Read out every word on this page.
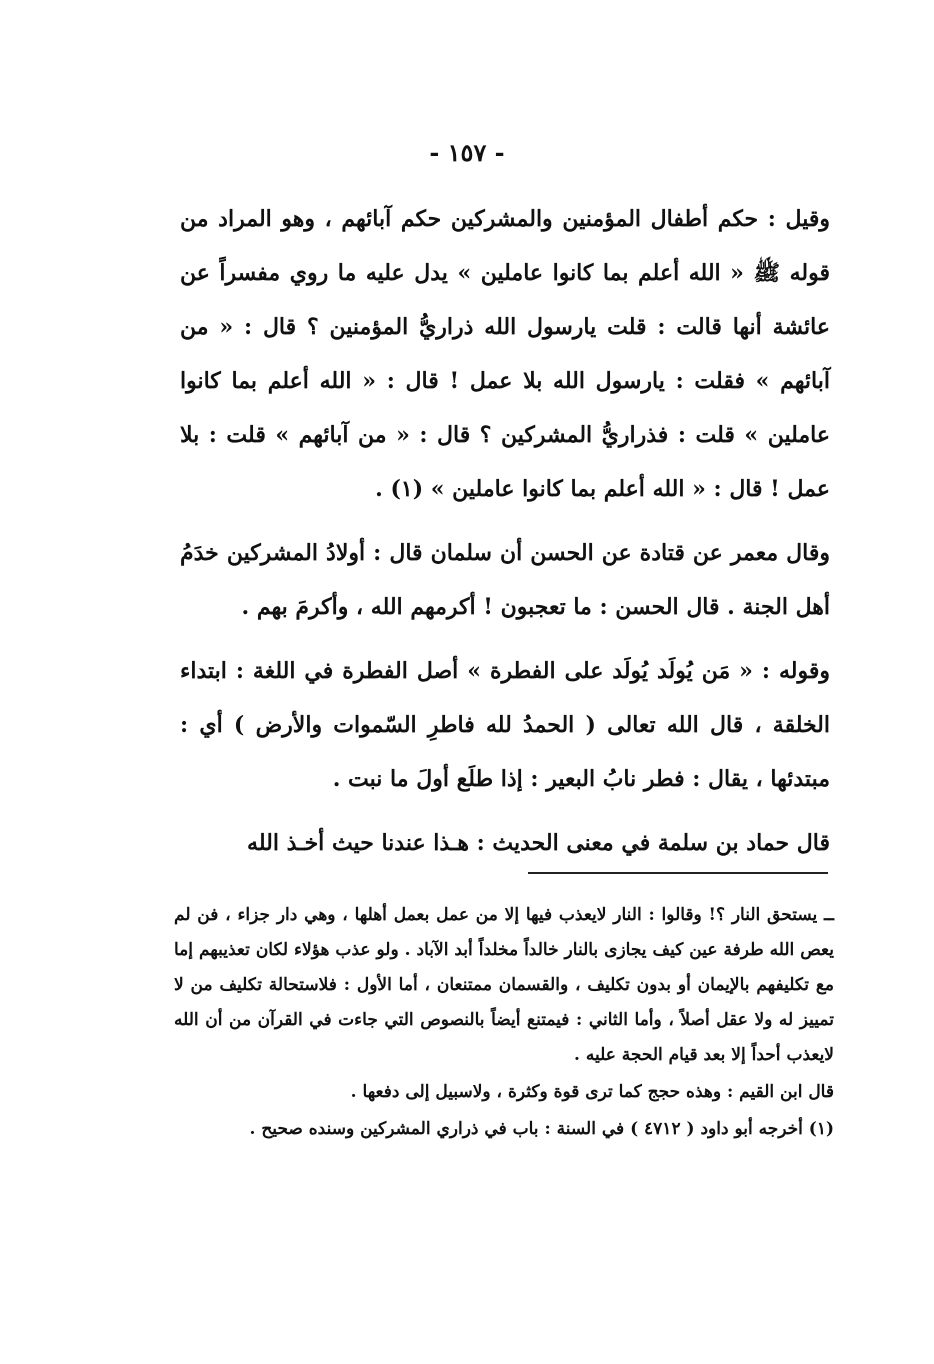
- ١٥٧ -

وقيل : حكم أطفال المؤمنين والمشركين حكم آبائهم ، وهو المراد من قوله ﷺ « الله أعلم بما كانوا عاملين » يدل عليه ما روي مفسراً عن عائشة أنها قالت : قلت يارسول الله ذراريُّ المؤمنين ؟ قال : « من آبائهم » فقلت : يارسول الله بلا عمل ! قال : « الله أعلم بما كانوا عاملين » قلت : فذراريُّ المشركين ؟ قال : « من آبائهم » قلت : بلا عمل ! قال : « الله أعلم بما كانوا عاملين » (١) .

وقال معمر عن قتادة عن الحسن أن سلمان قال : أولادُ المشركين خدَمُ أهل الجنة . قال الحسن : ما تعجبون ! أكرمهم الله ، وأكرمَ بهم .

وقوله : « مَن يُولَد يُولَد على الفطرة » أصل الفطرة في اللغة : ابتداء الخلقة ، قال الله تعالى ( الحمدُ لله فاطرِ السّموات والأرض ) أي : مبتدئها ، يقال : فطر نابُ البعير : إذا طلَع أولَ ما نبت .

قال حماد بن سلمة في معنى الحديث : هـذا عندنا حيث أخـذ الله

ــ يستحق النار ؟! وقالوا : النار لايعذب فيها إلا من عمل بعمل أهلها ، وهي دار جزاء ، فن لم يعص الله طرفة عين كيف يجازى بالنار خالداً مخلداً أبد الآباد . ولو عذب هؤلاء لكان تعذيبهم إما مع تكليفهم بالإيمان أو بدون تكليف ، والقسمان ممتنعان ، أما الأول : فلاستحالة تكليف من لا تمييز له ولا عقل أصلاً ، وأما الثاني : فيمتنع أيضاً بالنصوص التي جاءت في القرآن من أن الله لايعذب أحداً إلا بعد قيام الحجة عليه .

قال ابن القيم : وهذه حجج كما ترى قوة وكثرة ، ولاسبيل إلى دفعها .

(١) أخرجه أبو داود ( ٤٧١٢ ) في السنة : باب في ذراري المشركين وسنده صحيح .
